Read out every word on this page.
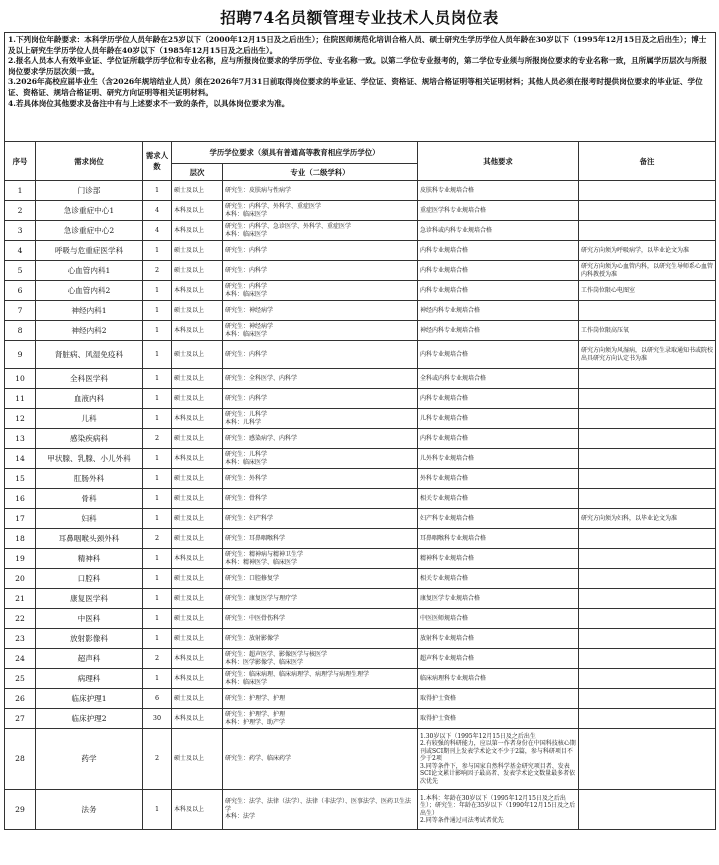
招聘74名员额管理专业技术人员岗位表

1.下列岗位年龄要求：本科学历学位人员年龄在25岁以下（2000年12月15日及之后出生）；住院医师规范化培训合格人员、硕士研究生学历学位人员年龄在30岁以下（1995年12月15日及之后出生）；博士及以上研究生学历学位人员年龄在40岁以下（1985年12月15日及之后出生）。

2.报名人员本人有效毕业证、学位证所载学历学位和专业名称，应与所报岗位要求的学历学位、专业名称一致。以第二学位专业报考的，第二学位专业须与所报岗位要求的专业名称一致，且所属学历层次与所报岗位要求学历层次须一致。

3.2026年高校应届毕业生（含2026年规培结业人员）须在2026年7月31日前取得岗位要求的毕业证、学位证、资格证、规培合格证明等相关证明材料；其他人员必须在报考时提供岗位要求的毕业证、学位证、资格证、规培合格证明、研究方向证明等相关证明材料。

4.若具体岗位其他要求及备注中有与上述要求不一致的条件，以具体岗位要求为准。						

序号	需求岗位	需求人数	学历学位要求（须具有普通高等教育相应学历学位）		其他要求	备注
			层次	专业（二级学科）		
1	门诊部	1	硕士及以上	研究生：皮肤病与性病学	皮肤科专业规培合格	

2	急诊重症中心1	4	本科及以上	研究生：内科学、外科学、重症医学
本科：临床医学	重症医学科专业规培合格	

3	急诊重症中心2	4	本科及以上	研究生：内科学、急诊医学、外科学、重症医学
本科：临床医学	急诊科或内科专业规培合格	

4	呼吸与危重症医学科	1	硕士及以上	研究生：内科学	内科专业规培合格	研究方向须为呼吸病学，以毕业论文为准

5	心血管内科1	2	硕士及以上	研究生：内科学	内科专业规培合格	研究方向须为心血管内科，以研究生导师系心血管内科教授为准

6	心血管内科2	1	本科及以上	研究生：内科学
本科：临床医学	内科专业规培合格	工作岗位限心电图室

7	神经内科1	1	硕士及以上	研究生：神经病学	神经内科专业规培合格	

8	神经内科2	1	本科及以上	研究生：神经病学
本科：临床医学	神经内科专业规培合格	工作岗位限高压氧

9	肾脏病、风湿免疫科	1	硕士及以上	研究生：内科学	内科专业规培合格	研究方向须为风湿病，以研究生录取通知书或院校出具研究方向认定书为准

10	全科医学科	1	硕士及以上	研究生：全科医学、内科学	全科或内科专业规培合格	

11	血液内科	1	硕士及以上	研究生：内科学	内科专业规培合格	

12	儿科	1	本科及以上	研究生：儿科学
本科：儿科学	儿科专业规培合格	

13	感染疾病科	2	硕士及以上	研究生：感染病学、内科学	内科专业规培合格	

14	甲状腺、乳腺、小儿外科	1	本科及以上	研究生：儿科学
本科：临床医学	儿外科专业规培合格	

15	肛肠外科	1	硕士及以上	研究生：外科学	外科专业规培合格	

16	骨科	1	硕士及以上	研究生：骨科学	相关专业规培合格	

17	妇科	1	硕士及以上	研究生：妇产科学	妇产科专业规培合格	研究方向须为妇科，以毕业论文为准

18	耳鼻咽喉头颈外科	2	硕士及以上	研究生：耳鼻咽喉科学	耳鼻咽喉科专业规培合格	

19	精神科	1	本科及以上	研究生：精神病与精神卫生学
本科：精神医学、临床医学	精神科专业规培合格	

20	口腔科	1	硕士及以上	研究生：口腔修复学	相关专业规培合格	

21	康复医学科	1	硕士及以上	研究生：康复医学与理疗学	康复医学专业规培合格	

22	中医科	1	硕士及以上	研究生：中医骨伤科学	中医医师规培合格	

23	放射影像科	1	硕士及以上	研究生：放射影像学	放射科专业规培合格	

24	超声科	2	本科及以上	研究生：超声医学、影像医学与核医学
本科：医学影像学、临床医学	超声科专业规培合格	

25	病理科	1	本科及以上	研究生：临床病理、临床病理学、病理学与病理生理学
本科：临床医学	临床病理科专业规培合格	

26	临床护理1	6	硕士及以上	研究生：护理学、护理	取得护士资格	

27	临床护理2	30	本科及以上	研究生：护理学、护理
本科：护理学、助产学	取得护士资格	

28	药学	2	硕士及以上	研究生：药学、临床药学	1.30岁以下（1995年12月15日及之后出生
2.有较强的科研能力，应以第一作者身份在中国科技核心期刊或SCI期刊上发表学术论文不少于2篇，参与科研项目不少于2项
3.同等条件下，参与国家自然科学基金研究项目者、发表SCI论文累计影响因子最高者、发表学术论文数量最多者依次优先	

29	法务	1	本科及以上	研究生：法学、法律（法学）、法律（非法学）、医事法学、医药卫生法学
本科：法学	1.本科：年龄在30岁以下（1995年12月15日及之后出生）；研究生：年龄在35岁以下（1990年12月15日及之后出生）
2.同等条件通过司法考试者优先	
